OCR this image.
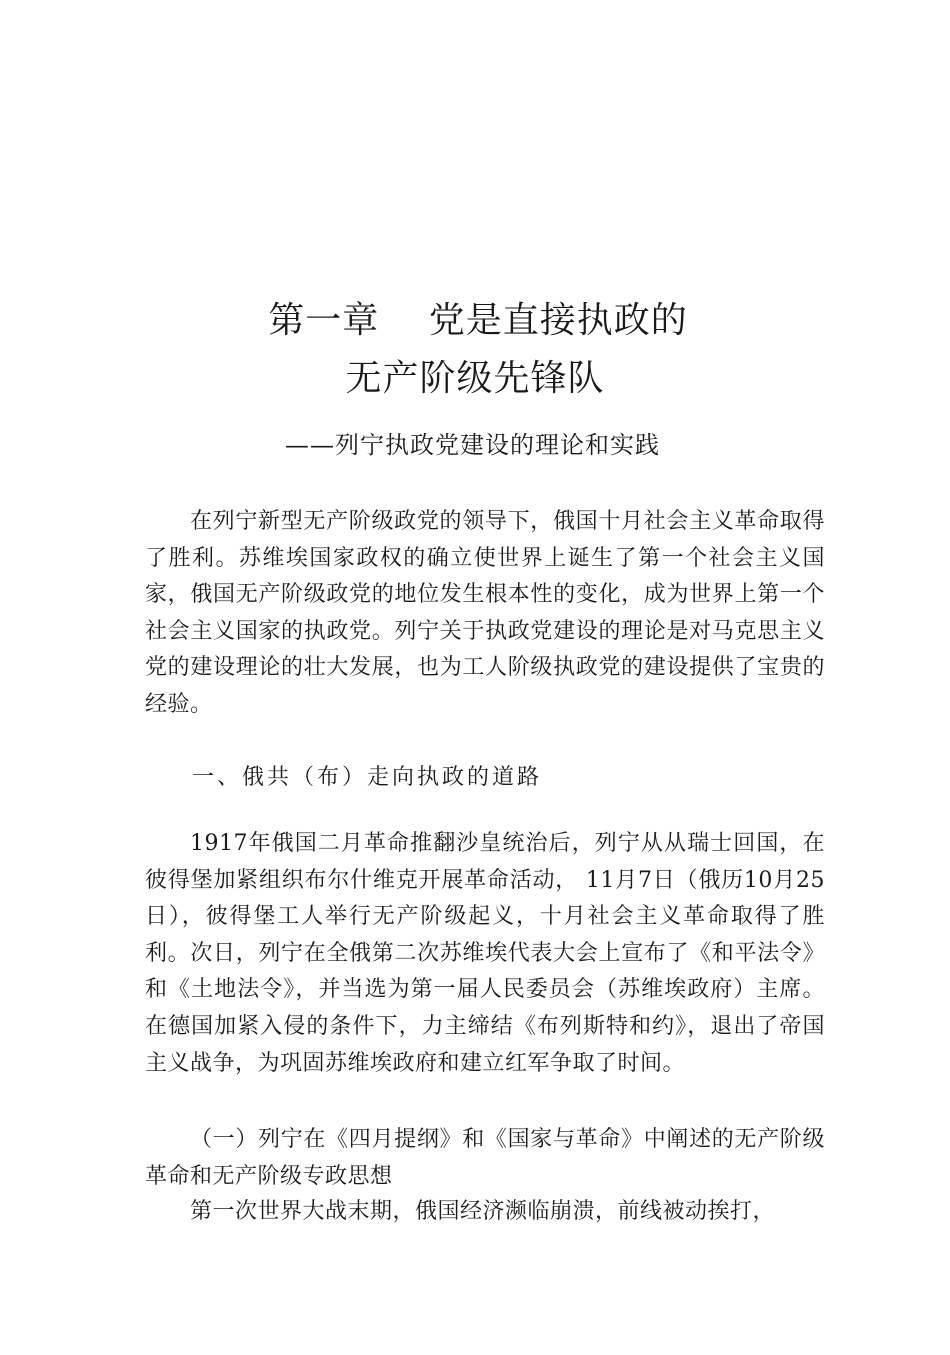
第一章　 党是直接执政的
无产阶级先锋队
——列宁执政党建设的理论和实践

在列宁新型无产阶级政党的领导下，俄国十月社会主义革命取得了胜利。苏维埃国家政权的确立使世界上诞生了第一个社会主义国家，俄国无产阶级政党的地位发生根本性的变化，成为世界上第一个社会主义国家的执政党。列宁关于执政党建设的理论是对马克思主义党的建设理论的壮大发展，也为工人阶级执政党的建设提供了宝贵的经验。

一、俄共（布）走向执政的道路

1917年俄国二月革命推翻沙皇统治后，列宁从从瑞士回国，在彼得堡加紧组织布尔什维克开展革命活动， 11月7日（俄历10月25日），彼得堡工人举行无产阶级起义，十月社会主义革命取得了胜利。次日，列宁在全俄第二次苏维埃代表大会上宣布了《和平法令》和《土地法令》，并当选为第一届人民委员会（苏维埃政府）主席。在德国加紧入侵的条件下，力主缔结《布列斯特和约》，退出了帝国主义战争，为巩固苏维埃政府和建立红军争取了时间。

（一）列宁在《四月提纲》和《国家与革命》中阐述的无产阶级革命和无产阶级专政思想

第一次世界大战末期，俄国经济濒临崩溃，前线被动挨打，
